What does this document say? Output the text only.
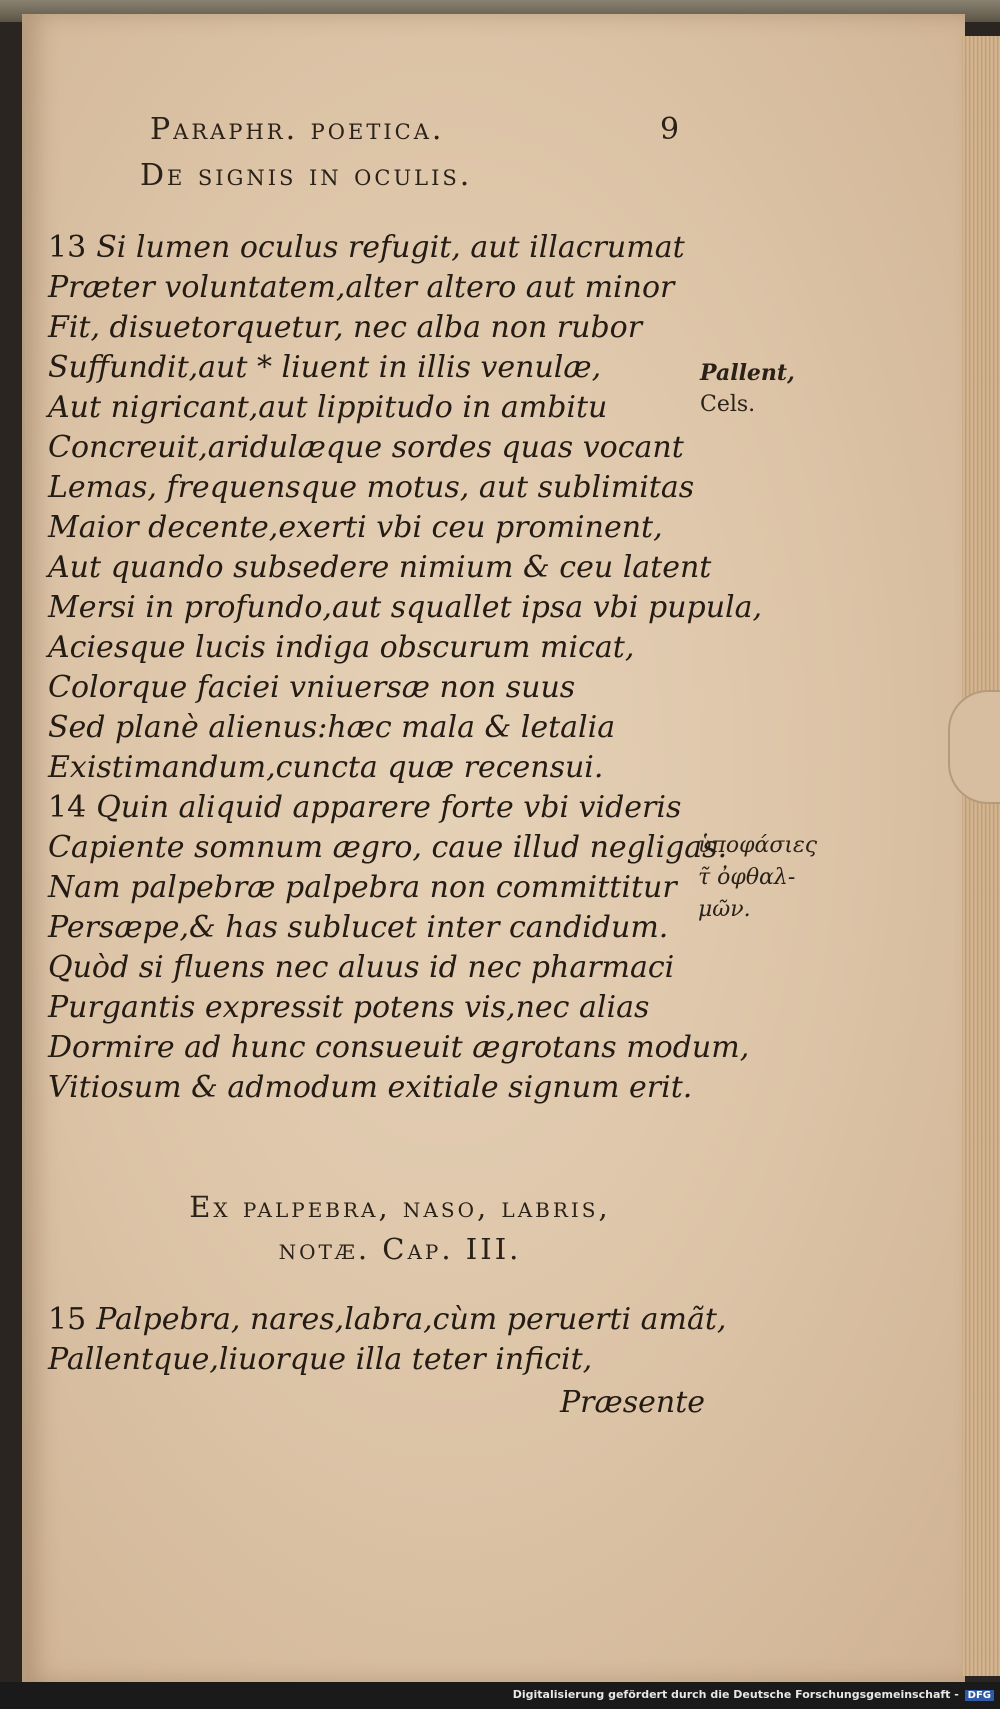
Paraphr. poetica.	9
De signis in oculis.
13 Si lumen oculus refugit, aut illacrumat
Præter voluntatem,alter altero aut minor
Fit, disuetorquetur, nec alba non rubor
Suffundit,aut * liuent in illis venulæ,
Aut nigricant,aut lippitudo in ambitu
Concreuit,aridulæque sordes quas vocant
Lemas, frequensque motus, aut sublimitas
Maior decente,exerti vbi ceu prominent,
Aut quando subsedere nimium & ceu latent
Mersi in profundo,aut squallet ipsa vbi pupula,
Aciesque lucis indiga obscurum micat,
Colorque faciei vniuersæ non suus
Sed planè alienus:hæc mala & letalia
Existimandum,cuncta quæ recensui.
14 Quin aliquid apparere forte vbi videris
Capiente somnum ægro, caue illud negligas.
Nam palpebræ palpebra non committitur
Persæpe,& has sublucet inter candidum.
Quòd si fluens nec aluus id nec pharmaci
Purgantis expressit potens vis,nec alias
Dormire ad hunc consueuit ægrotans modum,
Vitiosum & admodum exitiale signum erit.
Pallent,
Cels.
ὑποφάσιες
τ̃ ὀφθαλ-
μῶν.
Ex palpebra, naso, labris,
notæ. Cap. III.
15 Palpebra, nares,labra,cùm peruerti amãt,
Pallentque,liuorque illa teter inficit,
Præsente
Digitalisierung gefördert durch die Deutsche Forschungsgemeinschaft - DFG
